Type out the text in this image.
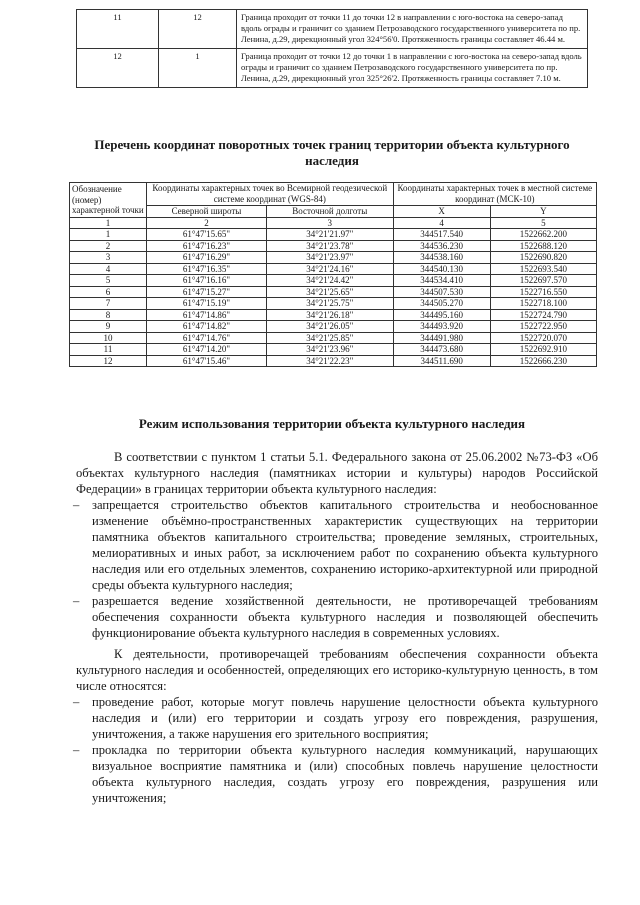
11	12	Граница проходит от точки 11 до точки 12 в направлении с юго-востока на северо-запад вдоль ограды и граничит со зданием Петрозаводского государственного университета по пр. Ленина, д.29, дирекционный угол 324°56'0. Протяженность границы составляет 46.44 м.
12	1	Граница проходит от точки 12 до точки 1 в направлении с юго-востока на северо-запад вдоль ограды и граничит со зданием Петрозаводского государственного университета по пр. Ленина, д.29, дирекционный угол 325°26'2. Протяженность границы составляет 7.10 м.
Перечень координат поворотных точек границ территории объекта культурного наследия
Обозначение (номер) характерной точки	Координаты характерных точек во Всемирной геодезической системе координат (WGS-84)		Координаты характерных точек в местной системе координат (МСК-10)	
	Северной широты	Восточной долготы	X	Y
1	2	3	4	5
1	61°47'15.65"	34°21'21.97"	344517.540	1522662.200
2	61°47'16.23"	34°21'23.78"	344536.230	1522688.120
3	61°47'16.29"	34°21'23.97"	344538.160	1522690.820
4	61°47'16.35"	34°21'24.16"	344540.130	1522693.540
5	61°47'16.16"	34°21'24.42"	344534.410	1522697.570
6	61°47'15.27"	34°21'25.65"	344507.530	1522716.550
7	61°47'15.19"	34°21'25.75"	344505.270	1522718.100
8	61°47'14.86"	34°21'26.18"	344495.160	1522724.790
9	61°47'14.82"	34°21'26.05"	344493.920	1522722.950
10	61°47'14.76"	34°21'25.85"	344491.980	1522720.070
11	61°47'14.20"	34°21'23.96"	344473.680	1522692.910
12	61°47'15.46"	34°21'22.23"	344511.690	1522666.230
Режим использования территории объекта культурного наследия

В соответствии с пунктом 1 статьи 5.1. Федерального закона от 25.06.2002 №73-ФЗ «Об объектах культурного наследия (памятниках истории и культуры) народов Российской Федерации» в границах территории объекта культурного наследия:

– запрещается строительство объектов капитального строительства и необоснованное изменение объёмно-пространственных характеристик существующих на территории памятника объектов капитального строительства; проведение земляных, строительных, мелиоративных и иных работ, за исключением работ по сохранению объекта культурного наследия или его отдельных элементов, сохранению историко-архитектурной или природной среды объекта культурного наследия;
– разрешается ведение хозяйственной деятельности, не противоречащей требованиям обеспечения сохранности объекта культурного наследия и позволяющей обеспечить функционирование объекта культурного наследия в современных условиях.

К деятельности, противоречащей требованиям обеспечения сохранности объекта культурного наследия и особенностей, определяющих его историко-культурную ценность, в том числе относятся:

– проведение работ, которые могут повлечь нарушение целостности объекта культурного наследия и (или) его территории и создать угрозу его повреждения, разрушения, уничтожения, а также нарушения его зрительного восприятия;
– прокладка по территории объекта культурного наследия коммуникаций, нарушающих визуальное восприятие памятника и (или) способных повлечь нарушение целостности объекта культурного наследия, создать угрозу его повреждения, разрушения или уничтожения;
